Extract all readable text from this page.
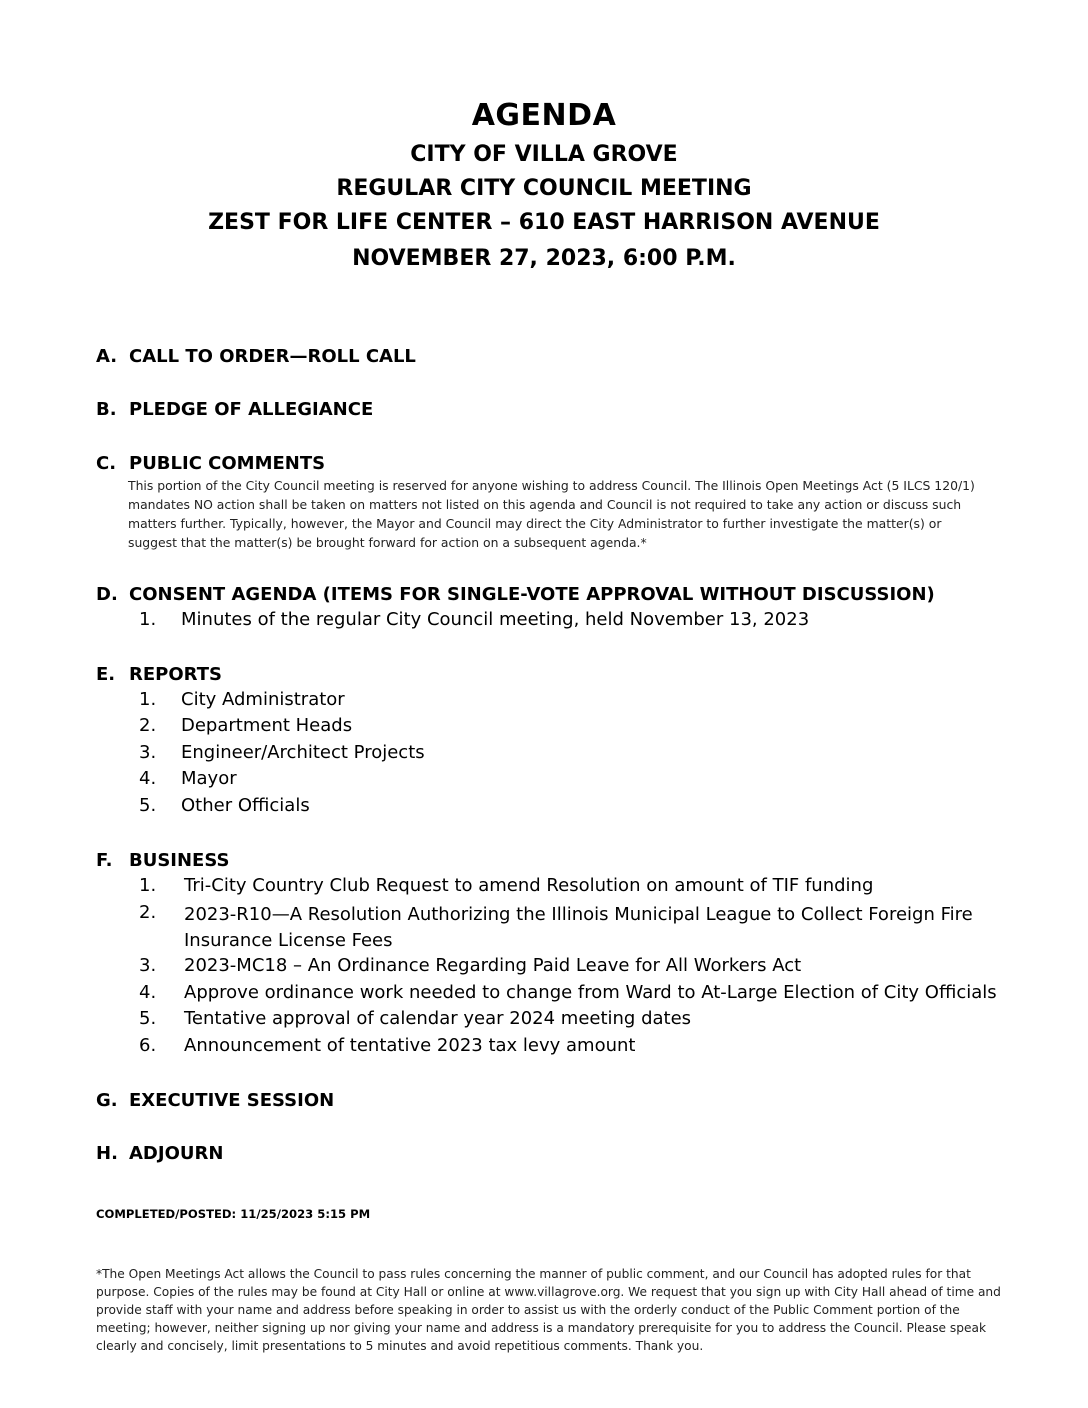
AGENDA
CITY OF VILLA GROVE
REGULAR CITY COUNCIL MEETING
ZEST FOR LIFE CENTER – 610 EAST HARRISON AVENUE
NOVEMBER 27, 2023, 6:00 P.M.
A. CALL TO ORDER—ROLL CALL
B. PLEDGE OF ALLEGIANCE
C. PUBLIC COMMENTS
This portion of the City Council meeting is reserved for anyone wishing to address Council. The Illinois Open Meetings Act (5 ILCS 120/1) mandates NO action shall be taken on matters not listed on this agenda and Council is not required to take any action or discuss such matters further. Typically, however, the Mayor and Council may direct the City Administrator to further investigate the matter(s) or suggest that the matter(s) be brought forward for action on a subsequent agenda.*
D. CONSENT AGENDA (ITEMS FOR SINGLE-VOTE APPROVAL WITHOUT DISCUSSION)
1. Minutes of the regular City Council meeting, held November 13, 2023
E. REPORTS
1. City Administrator
2. Department Heads
3. Engineer/Architect Projects
4. Mayor
5. Other Officials
F. BUSINESS
1. Tri-City Country Club Request to amend Resolution on amount of TIF funding
2. 2023-R10—A Resolution Authorizing the Illinois Municipal League to Collect Foreign Fire Insurance License Fees
3. 2023-MC18 – An Ordinance Regarding Paid Leave for All Workers Act
4. Approve ordinance work needed to change from Ward to At-Large Election of City Officials
5. Tentative approval of calendar year 2024 meeting dates
6. Announcement of tentative 2023 tax levy amount
G. EXECUTIVE SESSION
H. ADJOURN
COMPLETED/POSTED: 11/25/2023 5:15 PM
*The Open Meetings Act allows the Council to pass rules concerning the manner of public comment, and our Council has adopted rules for that purpose. Copies of the rules may be found at City Hall or online at www.villagrove.org. We request that you sign up with City Hall ahead of time and provide staff with your name and address before speaking in order to assist us with the orderly conduct of the Public Comment portion of the meeting; however, neither signing up nor giving your name and address is a mandatory prerequisite for you to address the Council. Please speak clearly and concisely, limit presentations to 5 minutes and avoid repetitious comments. Thank you.
